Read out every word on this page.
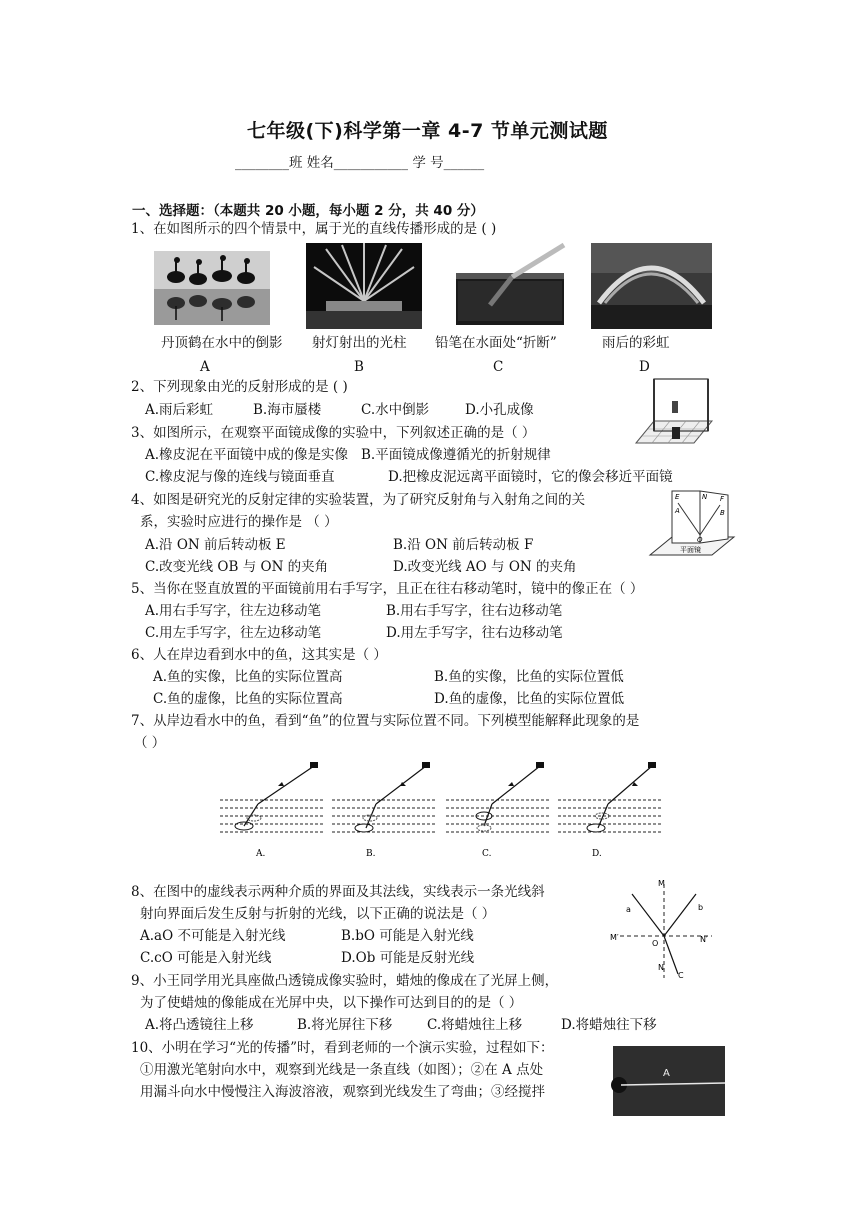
七年级(下)科学第一章 4-7 节单元测试题
________班 姓名___________ 学 号______
一、选择题：（本题共 20 小题，每小题 2 分，共 40 分）
1、在如图所示的四个情景中，属于光的直线传播形成的是 ( )
丹顶鹤在水中的倒影 射灯射出的光柱 铅笔在水面处“折断”	雨后的彩虹
A	B	C	D
2、下列现象由光的反射形成的是 ( )
A.雨后彩虹	B.海市蜃楼	C.水中倒影	D.小孔成像
3、如图所示，在观察平面镜成像的实验中，下列叙述正确的是（ ）
A.橡皮泥在平面镜中成的像是实像 B.平面镜成像遵循光的折射规律
C.橡皮泥与像的连线与镜面垂直	D.把橡皮泥远离平面镜时，它的像会移近平面镜
4、如图是研究光的反射定律的实验装置，为了研究反射角与入射角之间的关
系，实验时应进行的操作是 （ ）
A.沿 ON 前后转动板 E	B.沿 ON 前后转动板 F
C.改变光线 OB 与 ON 的夹角	D.改变光线 AO 与 ON 的夹角
E	N F
A	B
O
平面镜
5、当你在竖直放置的平面镜前用右手写字，且正在往右移动笔时，镜中的像正在（ ）
A.用右手写字，往左边移动笔	B.用右手写字，往右边移动笔
C.用左手写字，往左边移动笔	D.用左手写字，往右边移动笔
6、人在岸边看到水中的鱼，这其实是（ ）
A.鱼的实像，比鱼的实际位置高	B.鱼的实像，比鱼的实际位置低
C.鱼的虚像，比鱼的实际位置高	D.鱼的虚像，比鱼的实际位置低
7、从岸边看水中的鱼，看到“鱼”的位置与实际位置不同。下列模型能解释此现象的是
（ ）
A.	B.	C.	D.
8、在图中的虚线表示两种介质的界面及其法线，实线表示一条光线斜
射向界面后发生反射与折射的光线，以下正确的说法是（ ）
A.aO 不可能是入射光线	B.bO 可能是入射光线
C.cO 可能是入射光线	D.Ob 可能是反射光线
M
a	b
M′
O	N′
N
C
9、小王同学用光具座做凸透镜成像实验时，蜡烛的像成在了光屏上侧，
为了使蜡烛的像能成在光屏中央，以下操作可达到目的的是（ ）
A.将凸透镜往上移	B.将光屏往下移	C.将蜡烛往上移	D.将蜡烛往下移
10、小明在学习“光的传播”时，看到老师的一个演示实验，过程如下：
①用激光笔射向水中，观察到光线是一条直线（如图）；②在 A 点处
用漏斗向水中慢慢注入海波溶液，观察到光线发生了弯曲；③经搅拌
A
